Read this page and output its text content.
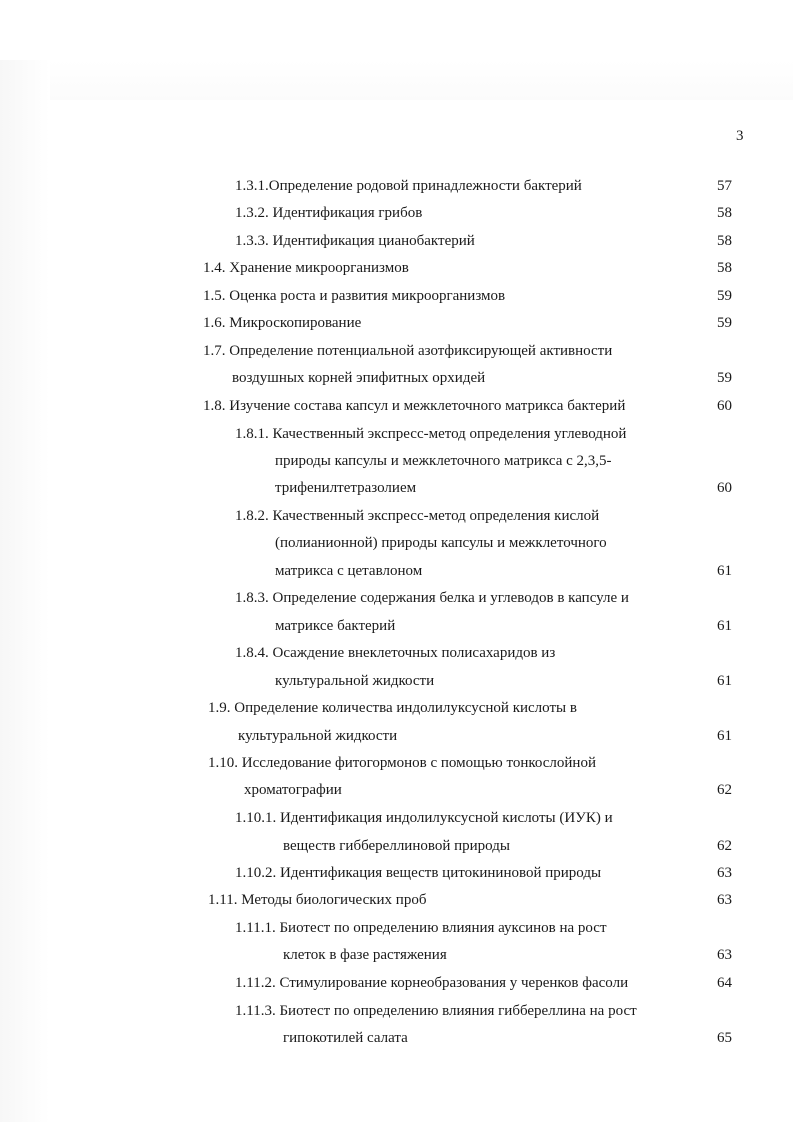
3
1.3.1.Определение родовой принадлежности бактерий	57
1.3.2. Идентификация грибов	58
1.3.3. Идентификация цианобактерий	58
1.4. Хранение микроорганизмов	58
1.5. Оценка роста и развития микроорганизмов	59
1.6. Микроскопирование	59
1.7. Определение потенциальной азотфиксирующей активности
воздушных корней эпифитных орхидей	59
1.8. Изучение состава капсул и межклеточного матрикса бактерий	60
1.8.1. Качественный экспресс-метод определения углеводной
природы капсулы и межклеточного матрикса с 2,3,5-
трифенилтетразолием	60
1.8.2. Качественный экспресс-метод определения кислой
(полианионной) природы капсулы и межклеточного
матрикса с цетавлоном	61
1.8.3. Определение содержания белка и углеводов в капсуле и
матриксе бактерий	61
1.8.4. Осаждение внеклеточных полисахаридов из
культуральной жидкости	61
1.9. Определение количества индолилуксусной кислоты в
культуральной жидкости	61
1.10. Исследование фитогормонов с помощью тонкослойной
хроматографии	62
1.10.1. Идентификация индолилуксусной кислоты (ИУК) и
веществ гиббереллиновой природы	62
1.10.2. Идентификация веществ цитокининовой природы	63
1.11. Методы биологических проб	63
1.11.1. Биотест по определению влияния ауксинов на рост
клеток в фазе растяжения	63
1.11.2. Стимулирование корнеобразования у черенков фасоли	64
1.11.3. Биотест по определению влияния гиббереллина на рост
гипокотилей салата	65
